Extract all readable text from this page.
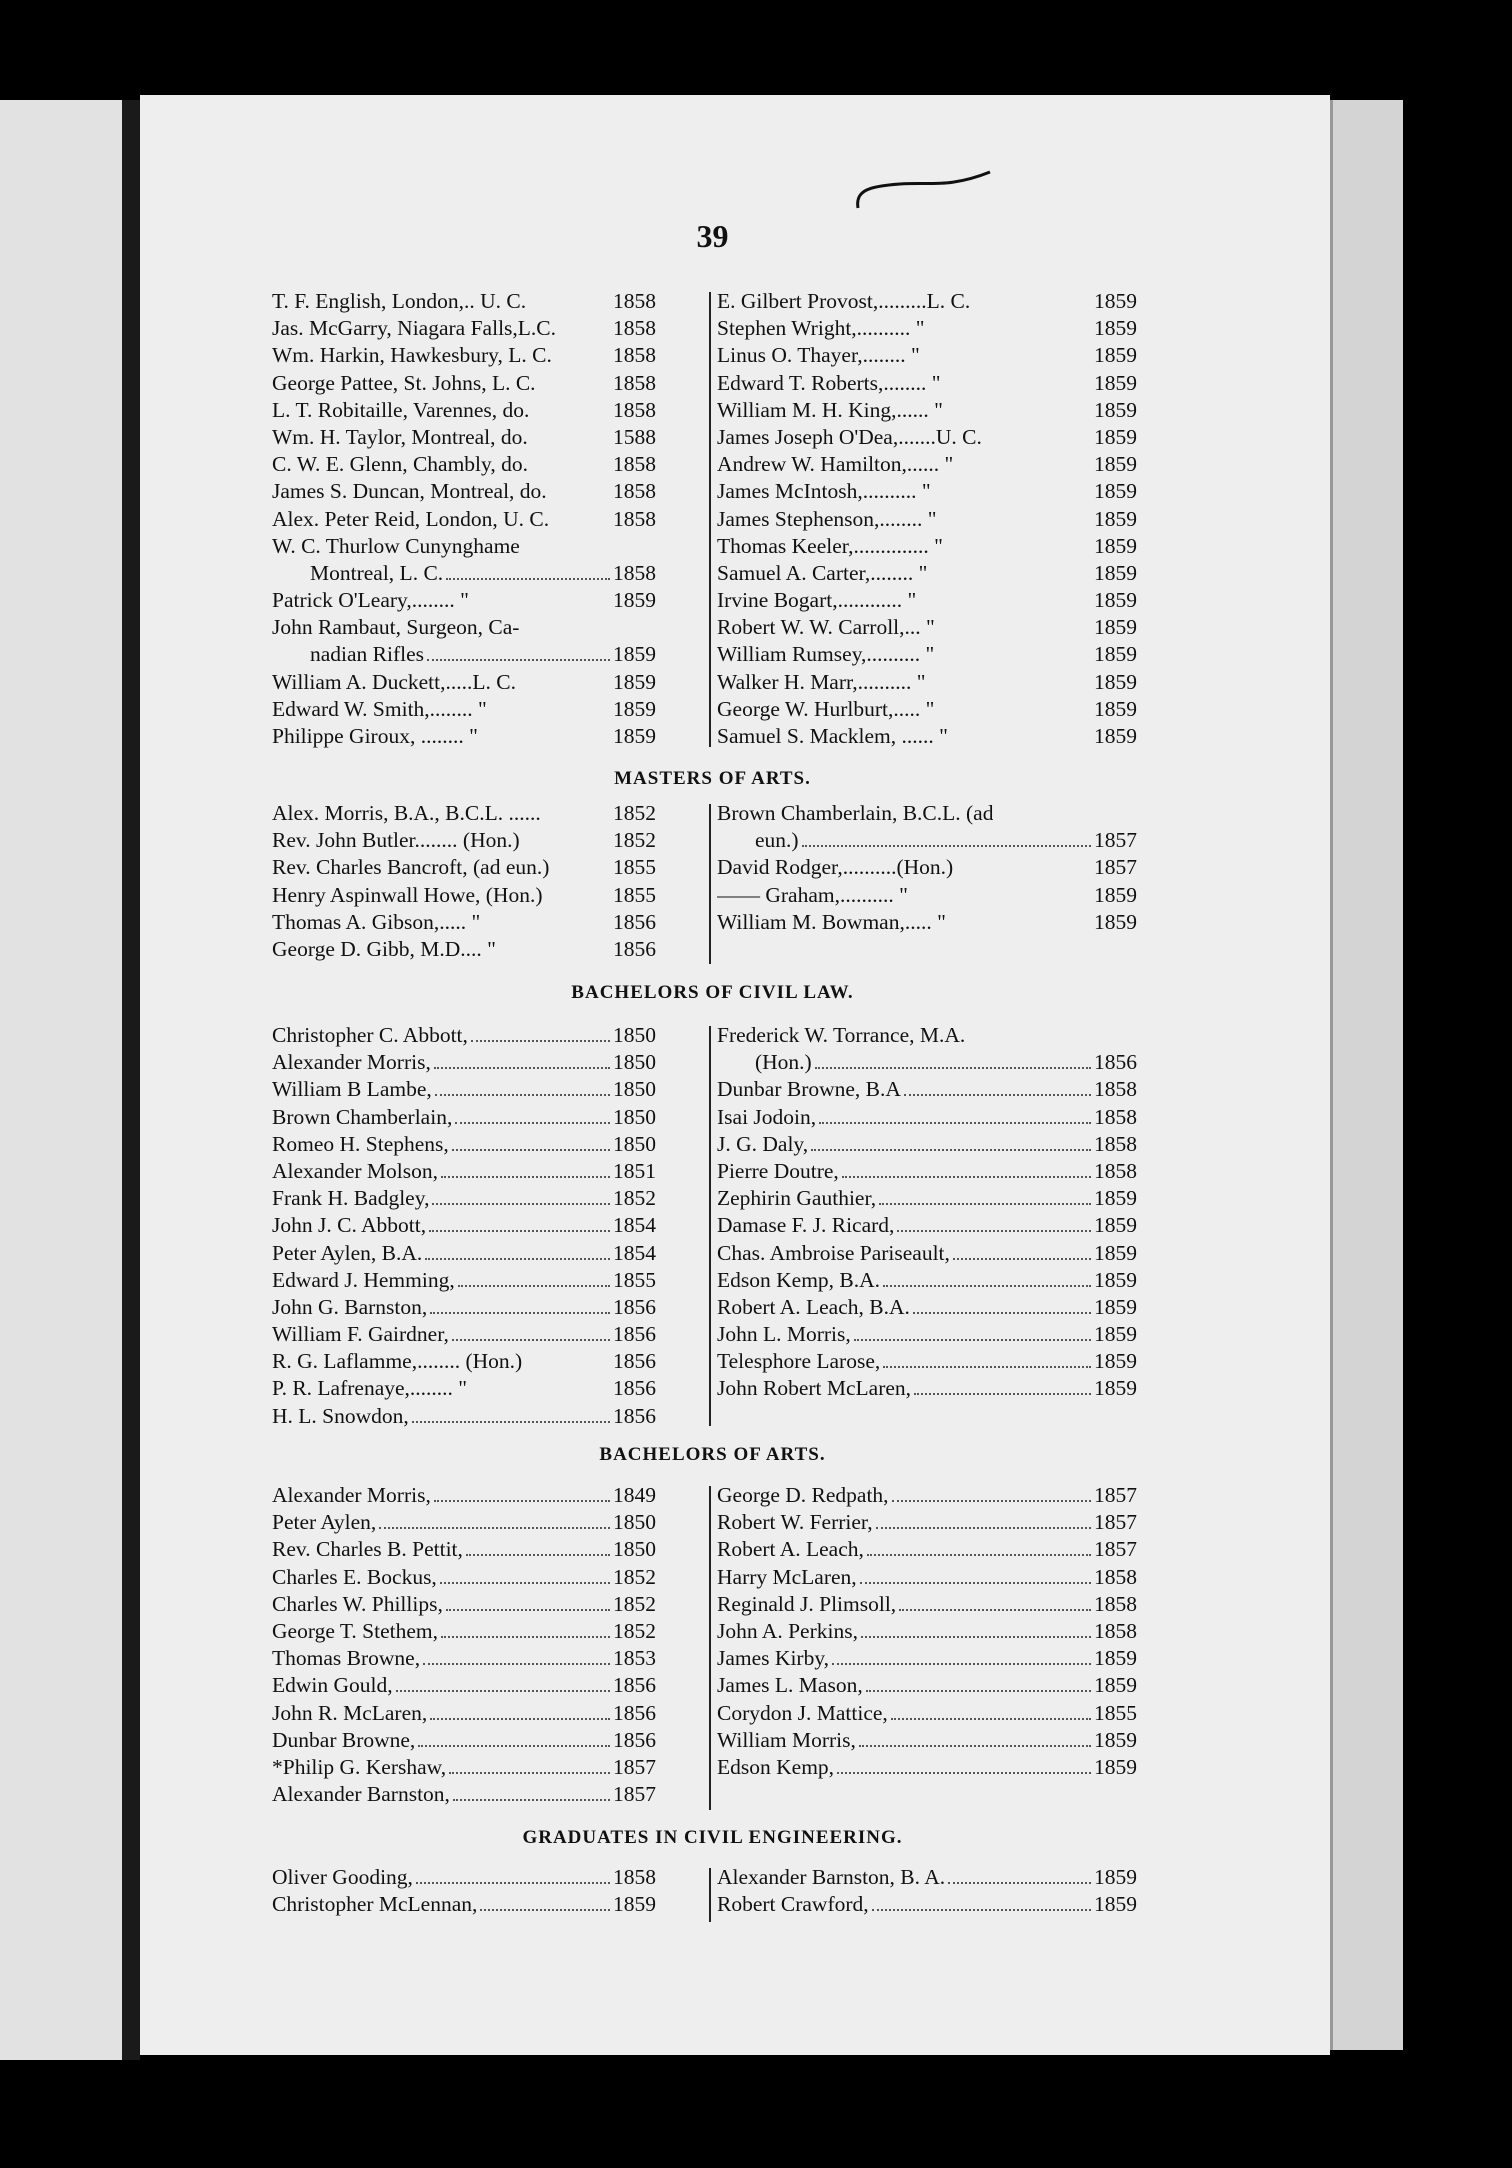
39
T. F. English, London,.. U. C.	1858
Jas. McGarry, Niagara Falls,L.C.	1858
Wm. Harkin, Hawkesbury, L. C.	1858
George Pattee, St. Johns, L. C.	1858
L. T. Robitaille, Varennes, do.	1858
Wm. H. Taylor, Montreal, do.	1588
C. W. E. Glenn, Chambly, do.	1858
James S. Duncan, Montreal, do.	1858
Alex. Peter Reid, London, U. C.	1858
W. C. Thurlow Cunynghame
Montreal, L. C.	1858
Patrick O'Leary,........ "	1859
John Rambaut, Surgeon, Ca-
nadian Rifles	1859
William A. Duckett,.....L. C.	1859
Edward W. Smith,........ "	1859
Philippe Giroux, ........ "	1859
E. Gilbert Provost,.........L. C.	1859
Stephen Wright,.......... "	1859
Linus O. Thayer,........ "	1859
Edward T. Roberts,........ "	1859
William M. H. King,...... "	1859
James Joseph O'Dea,.......U. C.	1859
Andrew W. Hamilton,...... "	1859
James McIntosh,.......... "	1859
James Stephenson,........ "	1859
Thomas Keeler,.............. "	1859
Samuel A. Carter,........ "	1859
Irvine Bogart,............ "	1859
Robert W. W. Carroll,... "	1859
William Rumsey,.......... "	1859
Walker H. Marr,.......... "	1859
George W. Hurlburt,..... "	1859
Samuel S. Macklem, ...... "	1859
MASTERS OF ARTS.
Alex. Morris, B.A., B.C.L. ......	1852
Rev. John Butler........ (Hon.)	1852
Rev. Charles Bancroft, (ad eun.)	1855
Henry Aspinwall Howe, (Hon.)	1855
Thomas A. Gibson,..... "	1856
George D. Gibb, M.D.... "	1856
Brown Chamberlain, B.C.L. (ad
eun.)	1857
David Rodger,..........(Hon.)	1857
—— Graham,.......... "	1859
William M. Bowman,..... "	1859
BACHELORS OF CIVIL LAW.
Christopher C. Abbott,	1850
Alexander Morris,	1850
William B Lambe,	1850
Brown Chamberlain,	1850
Romeo H. Stephens,	1850
Alexander Molson,	1851
Frank H. Badgley,	1852
John J. C. Abbott,	1854
Peter Aylen, B.A.	1854
Edward J. Hemming,	1855
John G. Barnston,	1856
William F. Gairdner,	1856
R. G. Laflamme,........ (Hon.)	1856
P. R. Lafrenaye,........ "	1856
H. L. Snowdon,	1856
Frederick W. Torrance, M.A.
(Hon.)	1856
Dunbar Browne, B.A	1858
Isai Jodoin,	1858
J. G. Daly,	1858
Pierre Doutre,	1858
Zephirin Gauthier,	1859
Damase F. J. Ricard,	1859
Chas. Ambroise Pariseault,	1859
Edson Kemp, B.A.	1859
Robert A. Leach, B.A.	1859
John L. Morris,	1859
Telesphore Larose,	1859
John Robert McLaren,	1859
BACHELORS OF ARTS.
Alexander Morris,	1849
Peter Aylen,	1850
Rev. Charles B. Pettit,	1850
Charles E. Bockus,	1852
Charles W. Phillips,	1852
George T. Stethem,	1852
Thomas Browne,	1853
Edwin Gould,	1856
John R. McLaren,	1856
Dunbar Browne,	1856
*Philip G. Kershaw,	1857
Alexander Barnston,	1857
George D. Redpath,	1857
Robert W. Ferrier,	1857
Robert A. Leach,	1857
Harry McLaren,	1858
Reginald J. Plimsoll,	1858
John A. Perkins,	1858
James Kirby,	1859
James L. Mason,	1859
Corydon J. Mattice,	1855
William Morris,	1859
Edson Kemp,	1859
GRADUATES IN CIVIL ENGINEERING.
Oliver Gooding,	1858
Christopher McLennan,	1859
Alexander Barnston, B. A.	1859
Robert Crawford,	1859
